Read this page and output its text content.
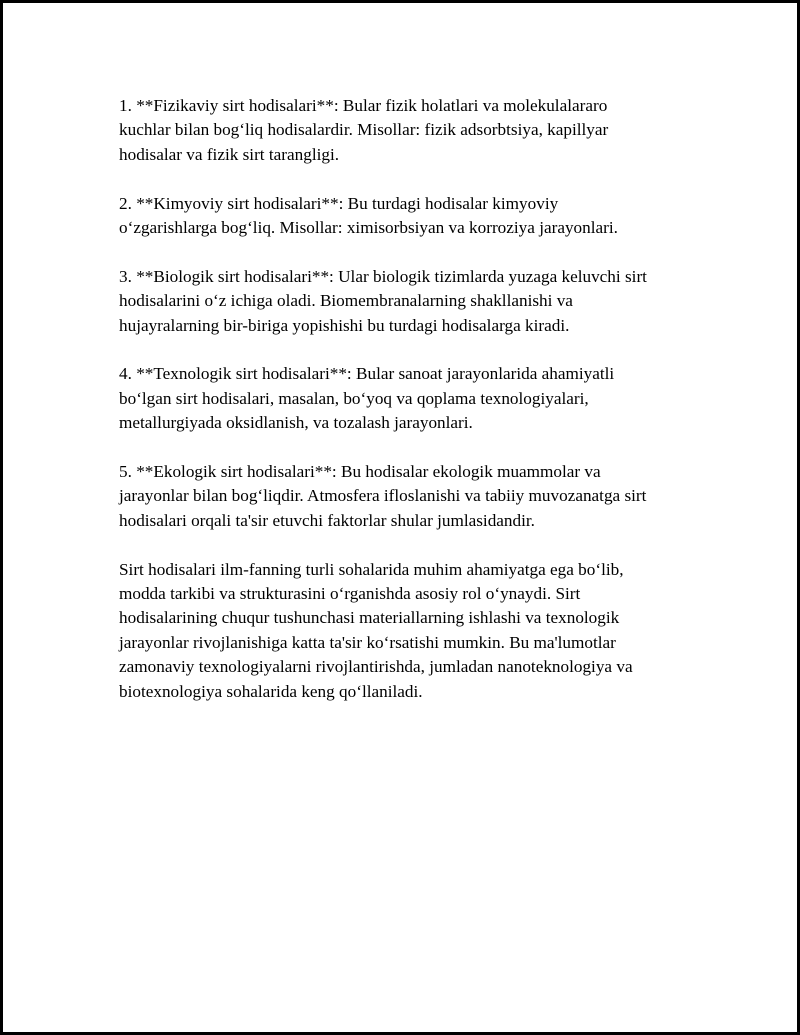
1. **Fizikaviy sirt hodisalari**: Bular fizik holatlari va molekulalararo
kuchlar bilan bog‘liq hodisalardir. Misollar: fizik adsorbtsiya, kapillyar
hodisalar va fizik sirt tarangligi.

2. **Kimyoviy sirt hodisalari**: Bu turdagi hodisalar kimyoviy
o‘zgarishlarga bog‘liq. Misollar: ximisorbsiyan va korroziya jarayonlari.

3. **Biologik sirt hodisalari**: Ular biologik tizimlarda yuzaga keluvchi sirt
hodisalarini o‘z ichiga oladi. Biomembranalarning shakllanishi va
hujayralarning bir-biriga yopishishi bu turdagi hodisalarga kiradi.

4. **Texnologik sirt hodisalari**: Bular sanoat jarayonlarida ahamiyatli
bo‘lgan sirt hodisalari, masalan, bo‘yoq va qoplama texnologiyalari,
metallurgiyada oksidlanish, va tozalash jarayonlari.

5. **Ekologik sirt hodisalari**: Bu hodisalar ekologik muammolar va
jarayonlar bilan bog‘liqdir. Atmosfera ifloslanishi va tabiiy muvozanatga sirt
hodisalari orqali ta'sir etuvchi faktorlar shular jumlasidandir.

Sirt hodisalari ilm-fanning turli sohalarida muhim ahamiyatga ega bo‘lib,
modda tarkibi va strukturasini o‘rganishda asosiy rol o‘ynaydi. Sirt
hodisalarining chuqur tushunchasi materiallarning ishlashi va texnologik
jarayonlar rivojlanishiga katta ta'sir ko‘rsatishi mumkin. Bu ma'lumotlar
zamonaviy texnologiyalarni rivojlantirishda, jumladan nanoteknologiya va
biotexnologiya sohalarida keng qo‘llaniladi.
